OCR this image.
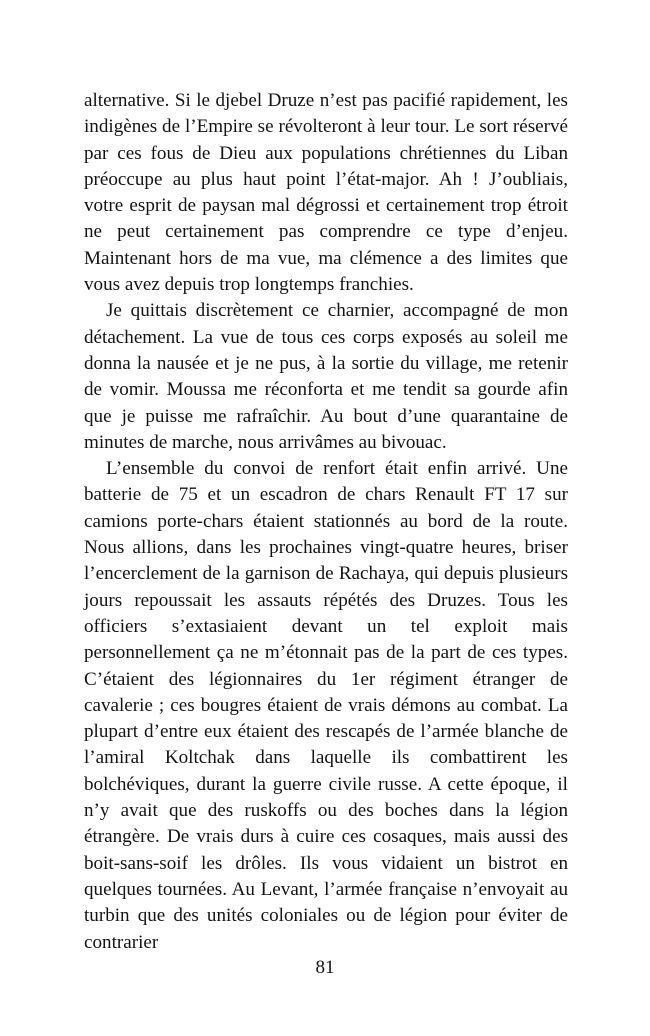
alternative. Si le djebel Druze n’est pas pacifié rapidement, les indigènes de l’Empire se révolteront à leur tour. Le sort réservé par ces fous de Dieu aux populations chrétiennes du Liban préoccupe au plus haut point l’état-major. Ah ! J’oubliais, votre esprit de paysan mal dégrossi et certainement trop étroit ne peut certainement pas comprendre ce type d’enjeu. Maintenant hors de ma vue, ma clémence a des limites que vous avez depuis trop longtemps franchies.

Je quittais discrètement ce charnier, accompagné de mon détachement. La vue de tous ces corps exposés au soleil me donna la nausée et je ne pus, à la sortie du village, me retenir de vomir. Moussa me réconforta et me tendit sa gourde afin que je puisse me rafraîchir. Au bout d’une quarantaine de minutes de marche, nous arrivâmes au bivouac.

L’ensemble du convoi de renfort était enfin arrivé. Une batterie de 75 et un escadron de chars Renault FT 17 sur camions porte-chars étaient stationnés au bord de la route. Nous allions, dans les prochaines vingt-quatre heures, briser l’encerclement de la garnison de Rachaya, qui depuis plusieurs jours repoussait les assauts répétés des Druzes. Tous les officiers s’extasiaient devant un tel exploit mais personnellement ça ne m’étonnait pas de la part de ces types. C’étaient des légionnaires du 1er régiment étranger de cavalerie ; ces bougres étaient de vrais démons au combat. La plupart d’entre eux étaient des rescapés de l’armée blanche de l’amiral Koltchak dans laquelle ils combattirent les bolchéviques, durant la guerre civile russe. A cette époque, il n’y avait que des ruskoffs ou des boches dans la légion étrangère. De vrais durs à cuire ces cosaques, mais aussi des boit-sans-soif les drôles. Ils vous vidaient un bistrot en quelques tournées. Au Levant, l’armée française n’envoyait au turbin que des unités coloniales ou de légion pour éviter de contrarier

81
